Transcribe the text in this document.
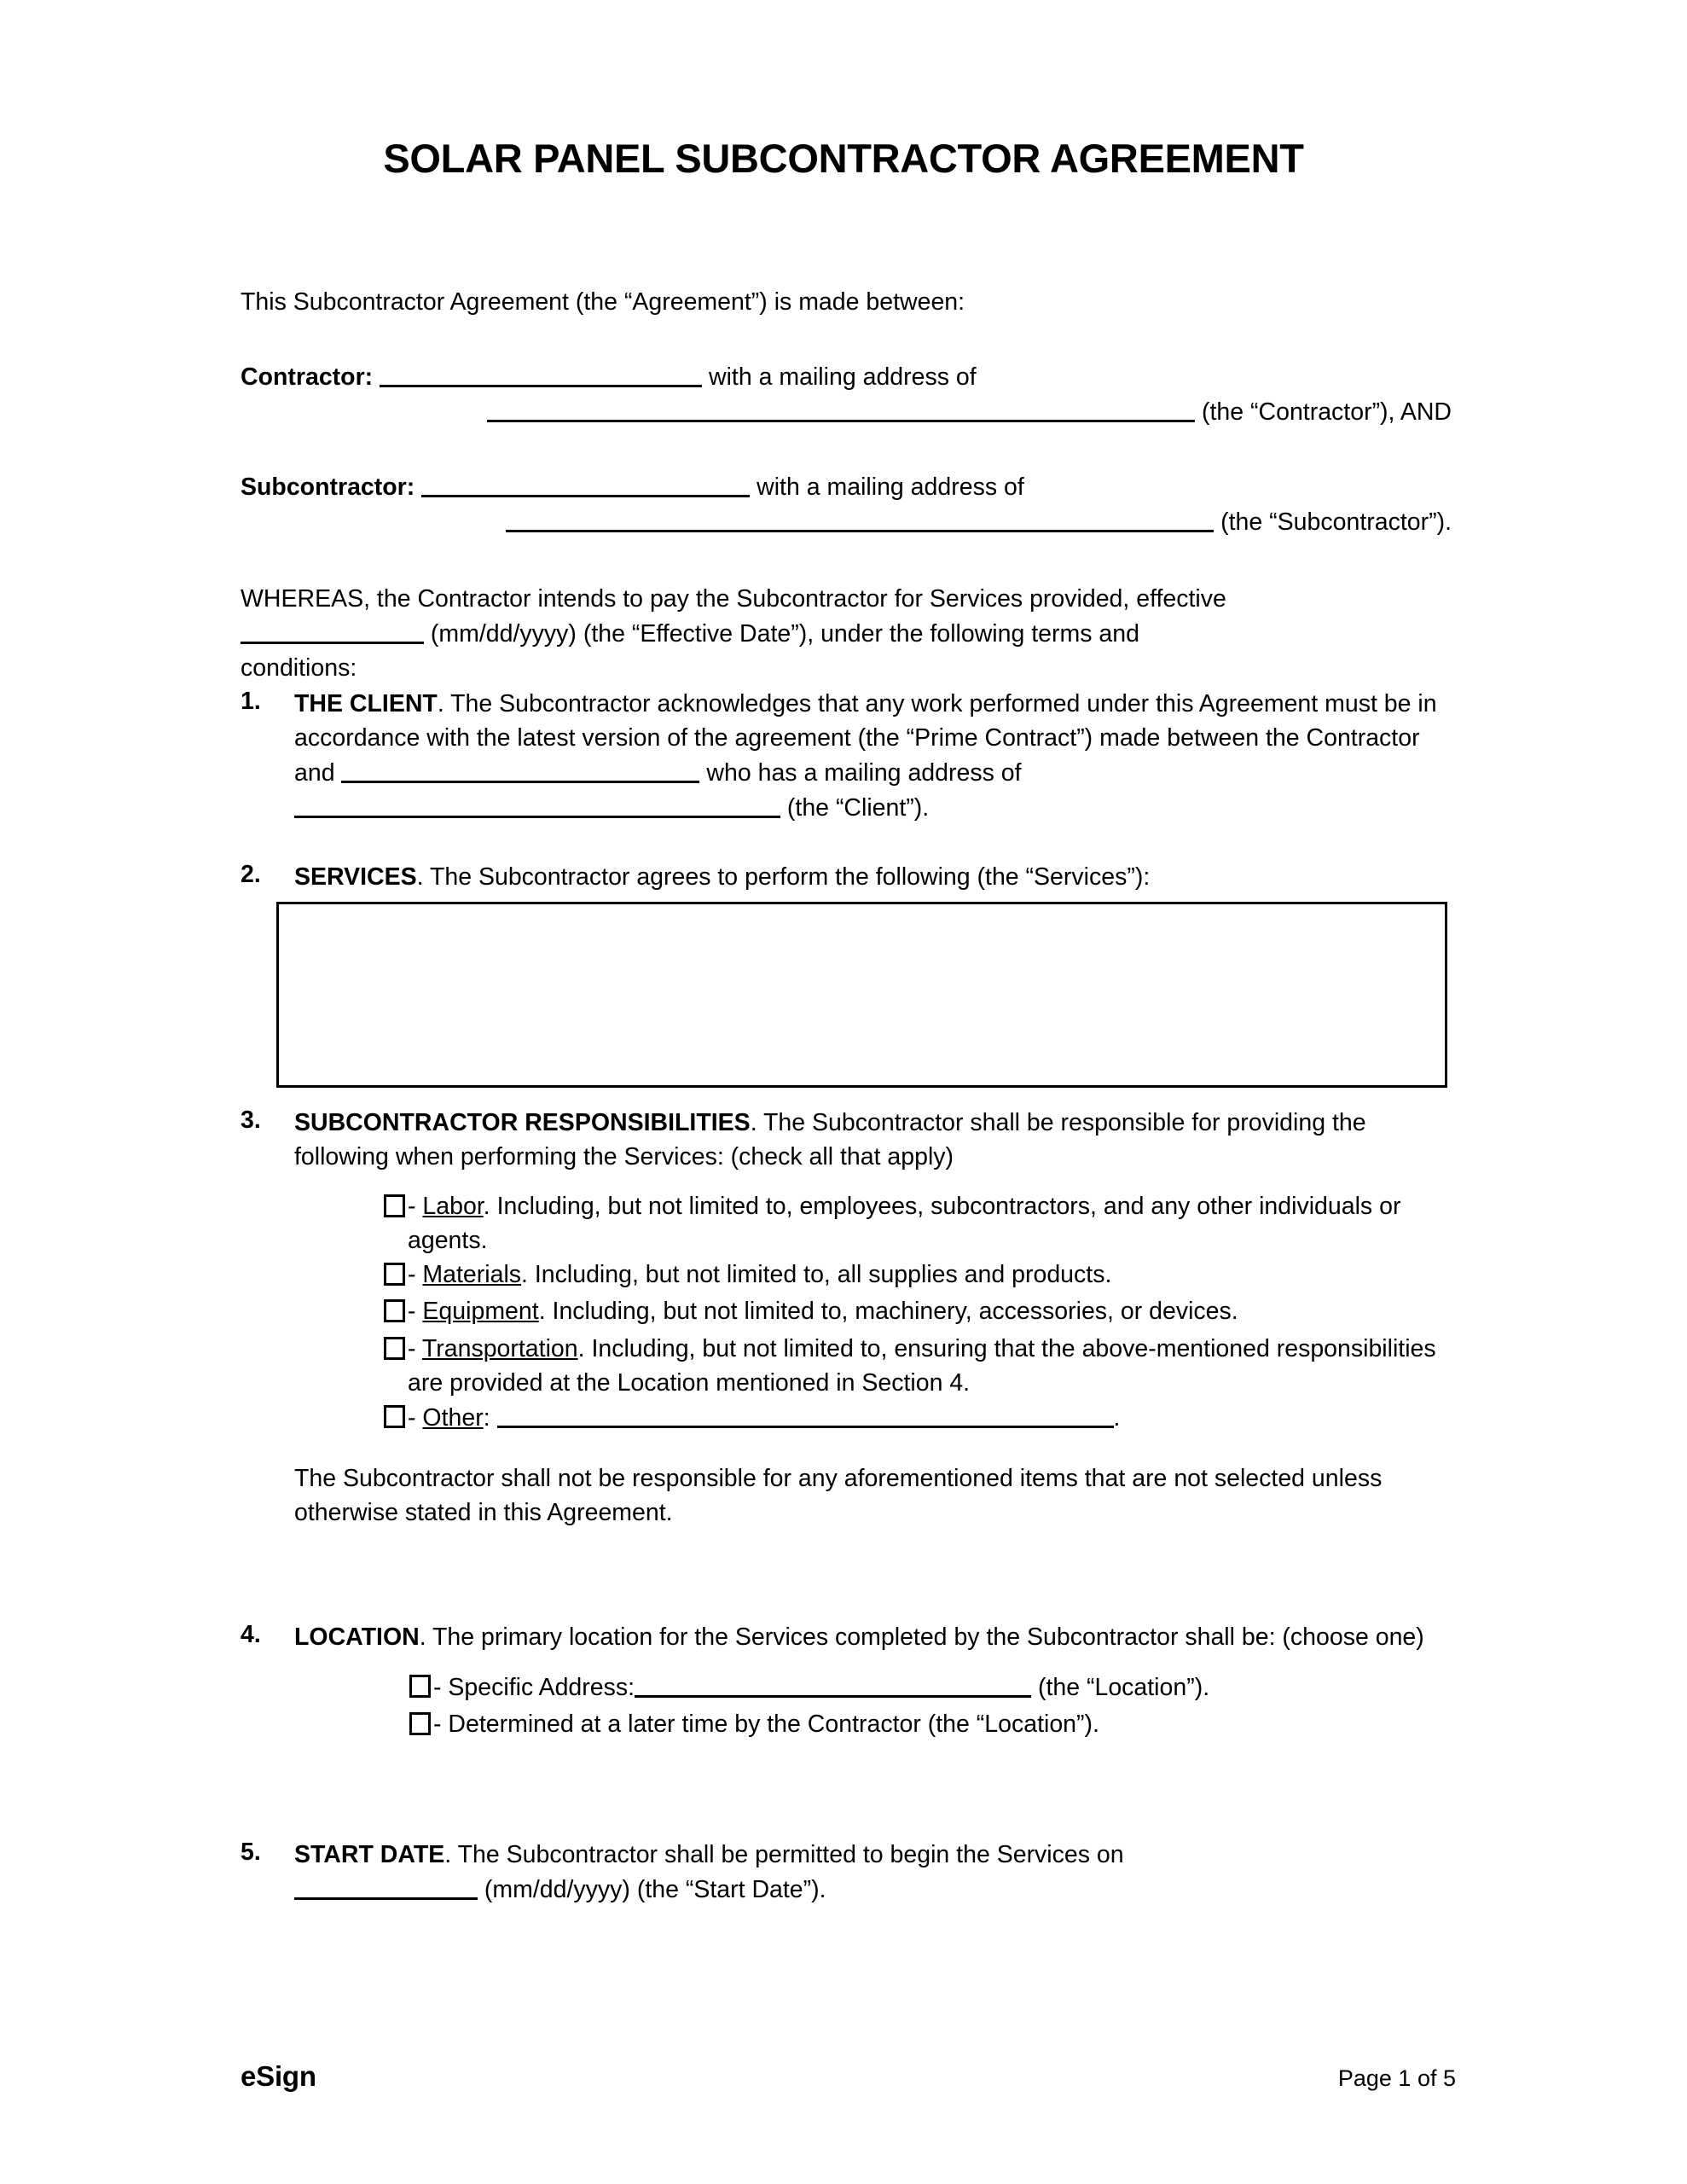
SOLAR PANEL SUBCONTRACTOR AGREEMENT

This Subcontractor Agreement (the “Agreement”) is made between:

Contractor:	with a mailing address of
(the “Contractor”), AND
Subcontractor:	with a mailing address of
(the “Subcontractor”).
WHEREAS, the Contractor intends to pay the Subcontractor for Services provided, effective
(mm/dd/yyyy) (the “Effective Date”), under the following terms and
conditions:
1.	THE CLIENT. The Subcontractor acknowledges that any work performed under this Agreement must be in accordance with the latest version of the agreement (the “Prime Contract”) made between the Contractor and	who has a mailing address of  (the “Client”).
2.	SERVICES. The Subcontractor agrees to perform the following (the “Services”):
3.	SUBCONTRACTOR RESPONSIBILITIES. The Subcontractor shall be responsible for providing the following when performing the Services: (check all that apply)
- Labor. Including, but not limited to, employees, subcontractors, and any other individuals or agents.
- Materials. Including, but not limited to, all supplies and products.
- Equipment. Including, but not limited to, machinery, accessories, or devices.
- Transportation. Including, but not limited to, ensuring that the above-mentioned responsibilities are provided at the Location mentioned in Section 4.
- Other:	.
The Subcontractor shall not be responsible for any aforementioned items that are not selected unless otherwise stated in this Agreement.
4.	LOCATION. The primary location for the Services completed by the Subcontractor shall be: (choose one)
- Specific Address:	(the “Location”).
- Determined at a later time by the Contractor (the “Location”).
5.	START DATE. The Subcontractor shall be permitted to begin the Services on
(mm/dd/yyyy) (the “Start Date”).
eSign	Page 1 of 5
